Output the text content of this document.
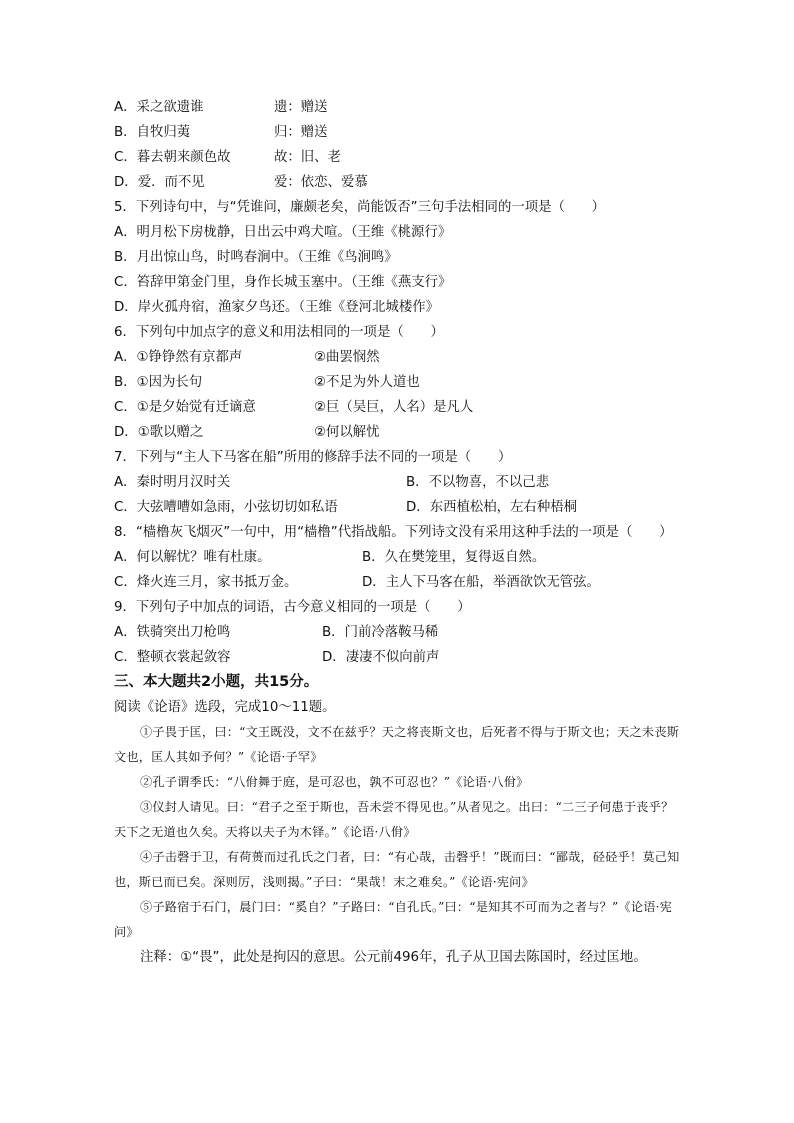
A．采之欲遗谁	遗：赠送
B．自牧归荑	归：赠送
C．暮去朝来颜色故	故：旧、老
D．爱．而不见	爱：依恋、爱慕
5．下列诗句中，与“凭谁问，廉颇老矣，尚能饭否”三句手法相同的一项是（　　）
A．明月松下房栊静，日出云中鸡犬喧。（王维《桃源行》
B．月出惊山鸟，时鸣春涧中。（王维《鸟涧鸣》
C．笞辞甲第金门里，身作长城玉塞中。（王维《燕支行》
D．岸火孤舟宿，渔家夕鸟还。（王维《登河北城楼作》
6．下列句中加点字的意义和用法相同的一项是（　　）
A．①铮铮然有京都声	②曲罢悯然
B．①因为长句	②不足为外人道也
C．①是夕始觉有迁谪意	②巨（吴巨，人名）是凡人
D．①歌以赠之	②何以解忧
7．下列与“主人下马客在船”所用的修辞手法不同的一项是（　　）
A．秦时明月汉时关	B．不以物喜，不以己悲
C．大弦嘈嘈如急雨，小弦切切如私语	D．东西植松柏，左右种梧桐
8．“樯橹灰飞烟灭”一句中，用“樯橹”代指战船。下列诗文没有采用这种手法的一项是（　　）
A．何以解忧？唯有杜康。	B．久在樊笼里，复得返自然。
C．烽火连三月，家书抵万金。	D．主人下马客在船，举酒欲饮无管弦。
9．下列句子中加点的词语，古今意义相同的一项是（　　）
A．铁骑突出刀枪鸣	B．门前冷落鞍马稀
C．整顿衣裳起敛容	D．凄凄不似向前声
三、本大题共2小题，共15分。
阅读《论语》选段，完成10～11题。
①子畏于匡，曰：“文王既没，文不在兹乎？天之将丧斯文也，后死者不得与于斯文也；天之未丧斯文也，匡人其如予何？”《论语·子罕》
②孔子谓季氏：“八佾舞于庭，是可忍也，孰不可忍也？”《论语·八佾》
③仪封人请见。曰：“君子之至于斯也，吾未尝不得见也。”从者见之。出曰：“二三子何患于丧乎？天下之无道也久矣。天将以夫子为木铎。”《论语·八佾》
④子击磬于卫，有荷蒉而过孔氏之门者，曰：“有心哉，击磬乎！”既而曰：“鄙哉，硁硁乎！莫己知也，斯已而已矣。深则厉，浅则揭。”子曰：“果哉！末之难矣。”《论语·宪问》
⑤子路宿于石门，晨门曰：“奚自？”子路曰：“自孔氏。”曰：“是知其不可而为之者与？”《论语·宪问》
注释：①“畏”，此处是拘囚的意思。公元前496年，孔子从卫国去陈国时，经过匡地。
